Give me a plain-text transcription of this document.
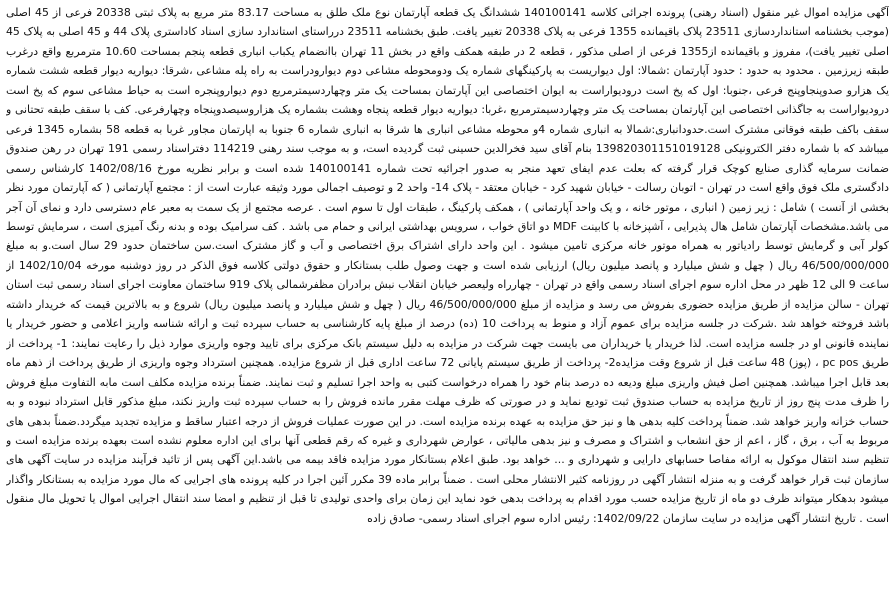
آگهی مزایده اموال غیر منقول (اسناد رهنی) پرونده اجرائی کلاسه 140100141 ششدانگ یک قطعه آپارتمان نوع ملک طلق به مساحت 83.17 متر مربع به پلاک ثبتی 20338 فرعی از 45 اصلی (موجب بخشنامه استانداردسازی 23511 پلاک باقیمانده 1355 فرعی به پلاک 20338 تغییر یافت. طبق بخشنامه 23511 درراستای استاندارد سازی اسناد کاداستری پلاک 44 و 45 اصلی به پلاک 45 اصلی تغییر یافت)، مفروز و باقیمانده از1355 فرعی از اصلی مذکور ، قطعه 2 در طبقه همکف واقع در بخش 11 تهران باانضمام یکباب انباری قطعه پنجم بمساحت 10.60 مترمربع واقع درغرب طبقه زیرزمین . محدود به حدود : حدود آپارتمان :شمالا: اول دیواریست به پارکینگهای شماره یک ودومحوطه مشاعی دوم دیوارودراست به راه پله مشاعی ،شرقا: دیواریه دیوار قطعه ششت شماره یک هزارو صدوپنجاوپنج فرعی ،جنوبا: اول که پخ است درودیواراست به ایوان اختصاصی این آپارتمان بمساحت یک متر وچهاردسیمترمربع دوم دیواروپنجره است به حیاط مشاعی سوم که پخ است درودیواراست به جاگذانی اختصاصی این آپارتمان بمساحت یک متر وچهاردسیمترمربع ،غربا: دیواریه دیوار قطعه پنجاه وهشت بشماره یک هزاروسیصدوپنجاه وچهارفرعی. کف با سقف طبقه تحتانی و سقف باکف طبقه فوقانی مشترک است.حدودانباری:شمالا به انباری شماره 4و محوطه مشاعی انباری ها شرقا به انباری شماره 6 جنوبا به اپارتمان مجاور غربا به قطعه 58 بشماره 1345 فرعی میباشد که با شماره دفتر الکترونیکی 139820301151019128 بنام آقای سید فخرالدین حسینی ثبت گردیده است، و به موجب سند رهنی 114219 دفتراسناد رسمی 191 تهران در رهن صندوق ضمانت سرمایه گذاری صنایع کوچک قرار گرفته که بعلت عدم ایفای تعهد منجر به صدور اجرائیه تحت شماره 140100141 شده است و برابر نظریه مورخ 1402/08/16 کارشناس رسمی دادگستری ملک فوق واقع است در تهران - اتوبان رسالت - خیابان شهید کرد - خیابان معتقد - پلاک 14- واحد 2 و توصیف اجمالی مورد وثیقه عبارت است از : مجتمع آپارتمانی ( که آپارتمان مورد نظر بخشی از آنست ) شامل : زیر زمین ( انباری ، موتور خانه ، و یک واحد آپارتمانی ) ، همکف پارکینگ ، طبقات اول تا سوم است . عرصه مجتمع از یک سمت به معبر عام دسترسی دارد و نمای آن آجر می باشد.مشخصات آپارتمان شامل هال پذیرایی ، آشپزخانه با کابینت MDF دو اتاق خواب ، سرویس بهداشتی ایرانی و حمام می باشد . کف سرامیک بوده و بدنه رنگ آمیزی است ، سرمایش توسط کولر آبی و گرمایش توسط رادیاتور به همراه موتور خانه مرکزی تامین میشود . این واحد دارای اشتراک برق اختصاصی و آب و گاز مشترک است.سن ساختمان حدود 29 سال است.و به مبلغ 46/500/000/000 ریال ( چهل و شش میلیارد و پانصد میلیون ریال) ارزیابی شده است و جهت وصول طلب بستانکار و حقوق دولتی کلاسه فوق الذکر در روز دوشنبه مورخه 1402/10/04 از ساعت 9 الی 12 ظهر در محل اداره سوم اجرای اسناد رسمی واقع در تهران - چهارراه ولیعصر خیابان انقلاب نبش برادران مظفرشمالی پلاک 919 ساختمان معاونت اجرای اسناد رسمی ثبت استان تهران - سالن مزایده از طریق مزایده حضوری بفروش می رسد و مزایده از مبلغ 46/500/000/000 ریال ( چهل و شش میلیارد و پانصد میلیون ریال) شروع و به بالاترین قیمت که خریدار داشته باشد فروخته خواهد شد .شرکت در جلسه مزایده برای عموم آزاد و منوط به پرداخت 10 (ده) درصد از مبلغ پایه کارشناسی به حساب سپرده ثبت و ارائه شناسه واریز اعلامی و حضور خریدار یا نماینده قانونی او در جلسه مزایده است. لذا خریدار یا خریداران می بایست جهت شرکت در مزایده به دلیل سیستم بانک مرکزی برای تایید وجوه واریزی موارد ذیل را رعایت نمایند: 1- پرداخت از طریق pc pos ، (پوز) 48 ساعت قبل از شروع وقت مزایده2- پرداخت از طریق سیستم پایانی 72 ساعت اداری قبل از شروع مزایده. همچنین استرداد وجوه واریزی از طریق پرداخت از ذهم ماه بعد قابل اجرا میباشد. همچنین اصل فیش واریزی مبلغ ودیعه ده درصد بنام خود را همراه درخواست کتبی به واحد اجرا تسلیم و ثبت نمایند. ضمناً برنده مزایده مکلف است مابه التفاوت مبلغ فروش را ظرف مدت پنج روز از تاریخ مزایده به حساب صندوق ثبت تودیع نماید و در صورتی که ظرف مهلت مقرر مانده فروش را به حساب سپرده ثبت واریز نکند، مبلغ مذکور قابل استرداد نبوده و به حساب خزانه واریز خواهد شد. ضمناً پرداخت کلیه بدهی ها و نیز حق مزایده به عهده برنده مزایده است. در این صورت عملیات فروش از درجه اعتبار ساقط و مزایده تجدید میگردد.ضمناً بدهی های مربوط به آب ، برق ، گاز ، اعم از حق انشعاب و اشتراک و مصرف و نیز بدهی مالیاتی ، عوارض شهرداری و غیره که رقم قطعی آنها برای این اداره معلوم نشده است بعهده برنده مزایده است و تنظیم سند انتقال موکول به ارائه مفاصا حسابهای دارایی و شهرداری و ... خواهد بود. طبق اعلام بستانکار مورد مزایده فاقد بیمه می باشد.این آگهی پس از تائید فرآیند مزایده در سایت آگهی های سازمان ثبت قرار خواهد گرفت و به منزله انتشار آگهی در روزنامه کثیر الانتشار محلی است . ضمناً برابر ماده 39 مکرر آئین اجرا در کلیه پرونده های اجرایی که مال مورد مزایده به بستانکار واگذار میشود بدهکار میتواند ظرف دو ماه از تاریخ مزایده حسب مورد اقدام به پرداخت بدهی خود نماید این زمان برای واحدی تولیدی تا قبل از تنظیم و امضا سند انتقال اجرایی اموال یا تحویل مال منقول است . تاریخ انتشار آگهی مزایده در سایت سازمان 1402/09/22: رئیس اداره سوم اجرای اسناد رسمی- صادق زاده
